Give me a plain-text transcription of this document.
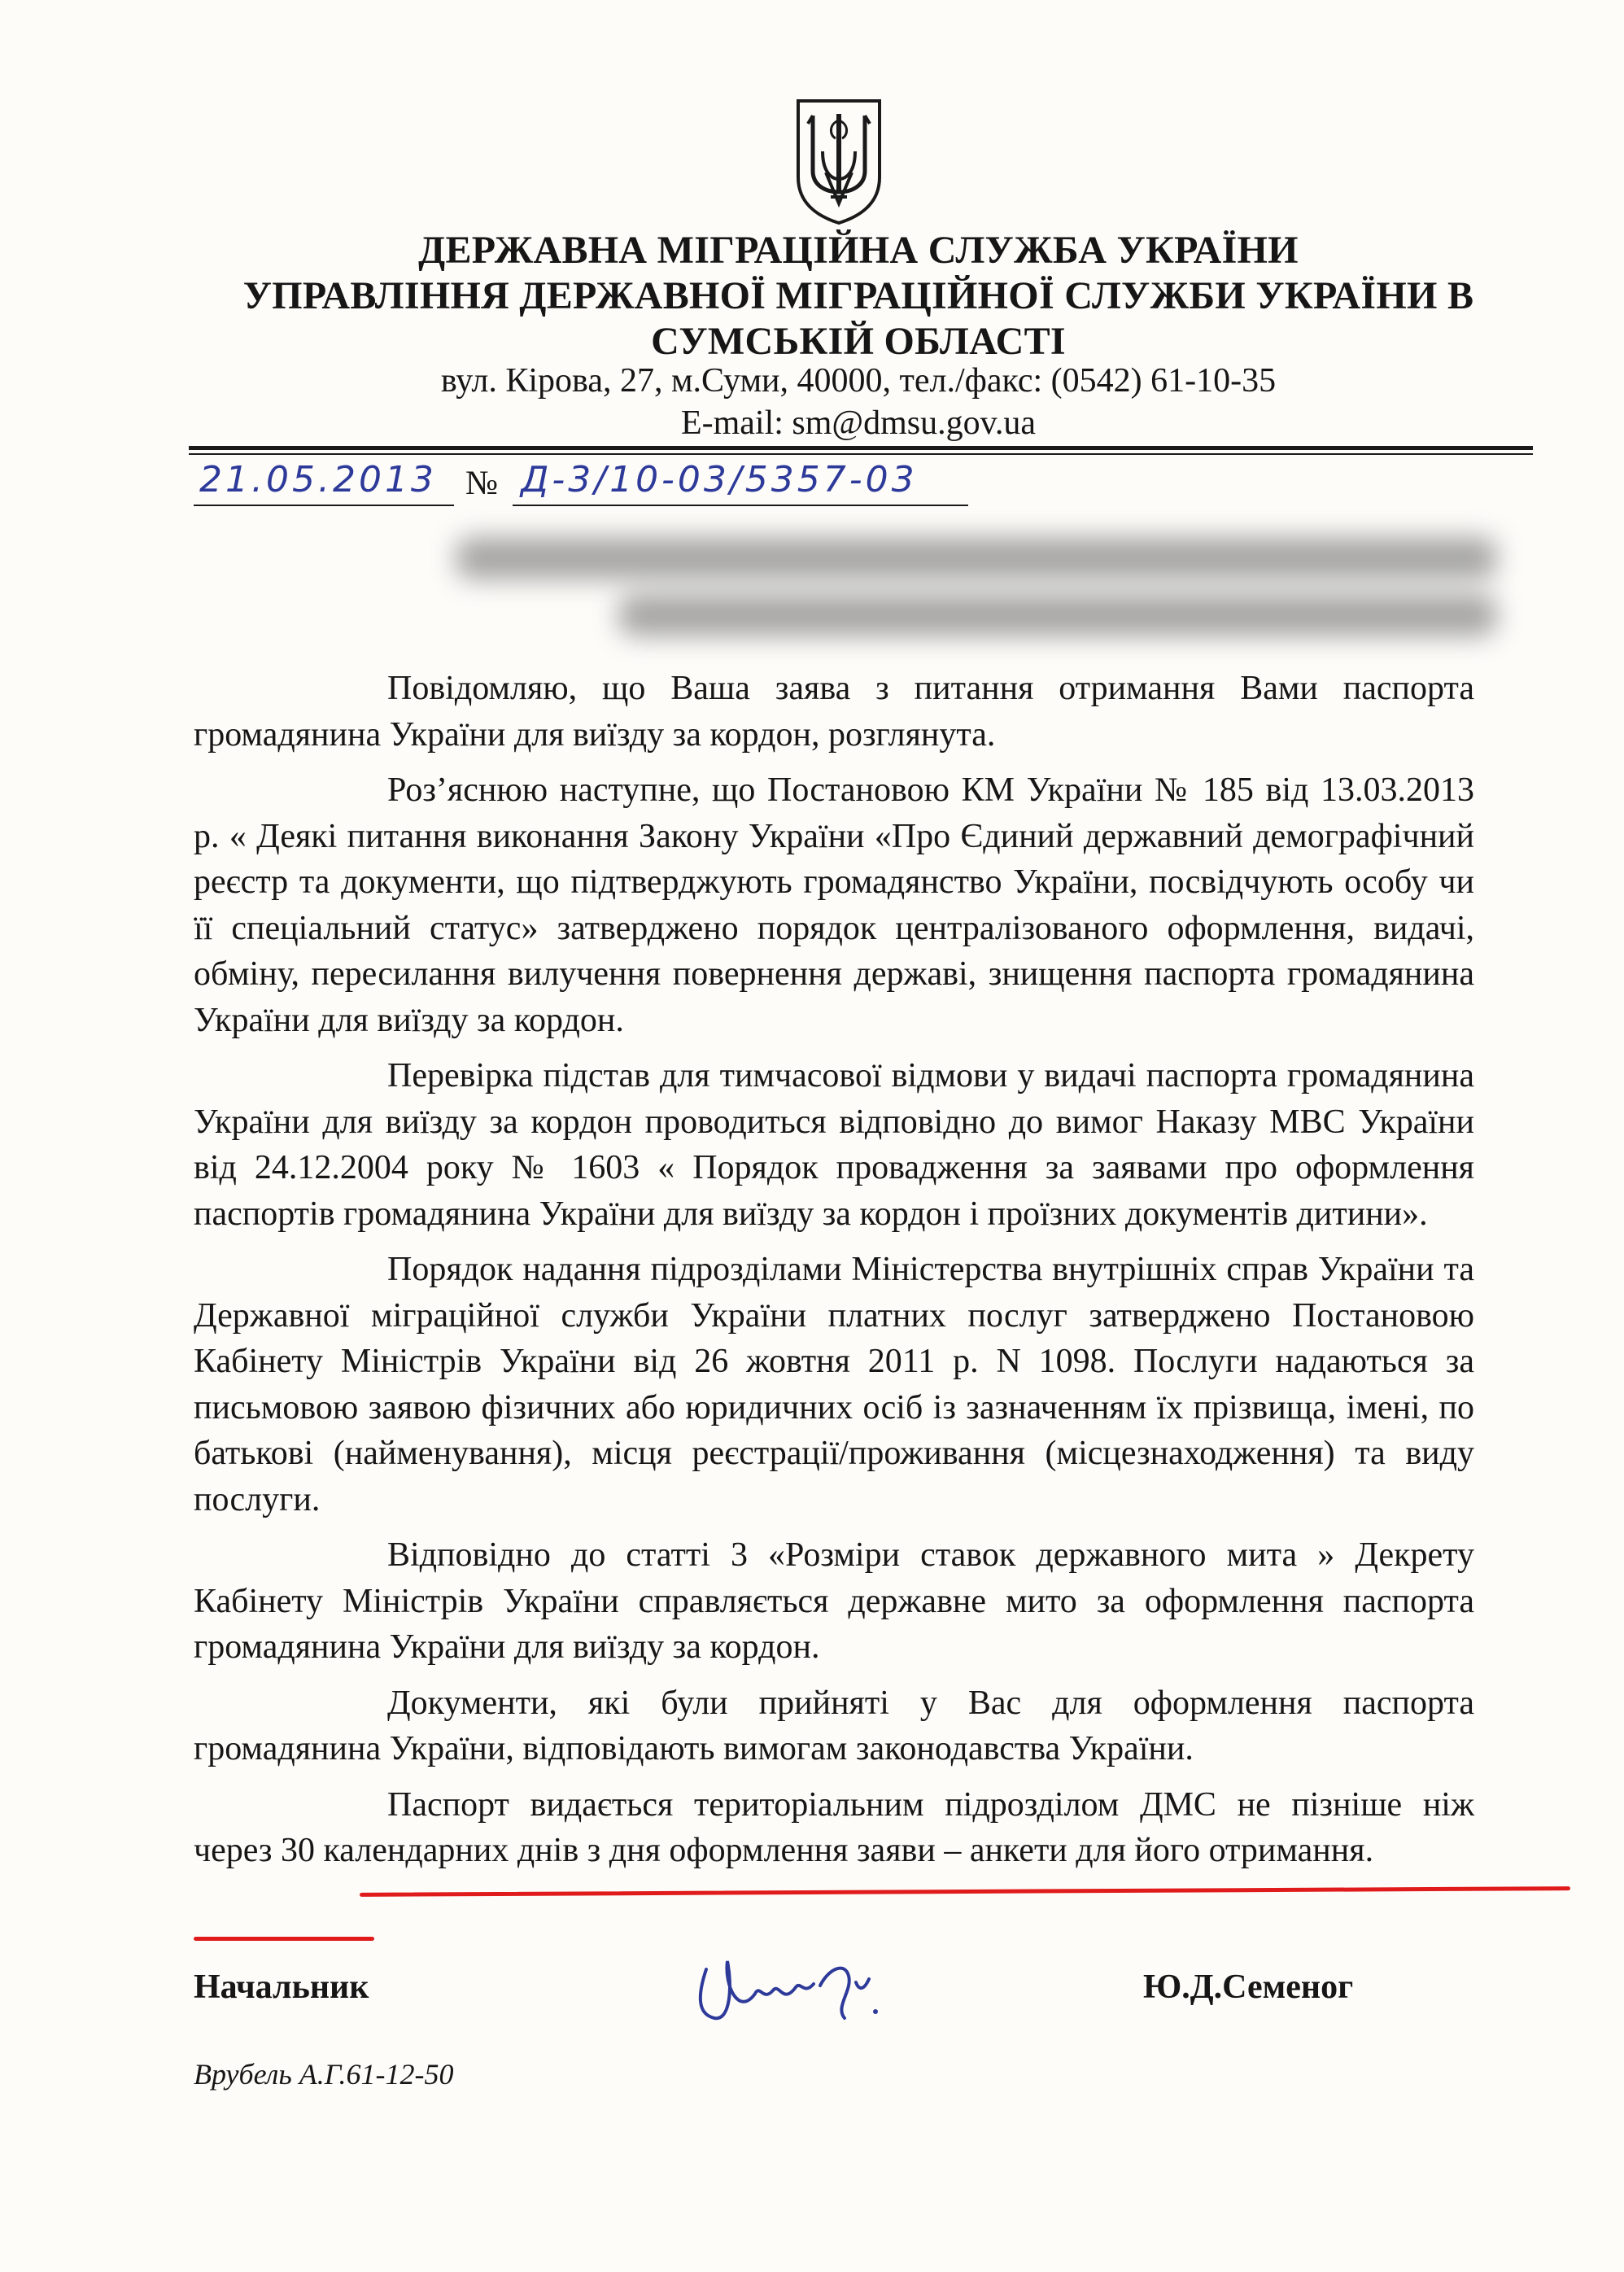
ДЕРЖАВНА МІГРАЦІЙНА СЛУЖБА УКРАЇНИ
УПРАВЛІННЯ ДЕРЖАВНОЇ МІГРАЦІЙНОЇ СЛУЖБИ УКРАЇНИ В
СУМСЬКІЙ ОБЛАСТІ
вул. Кірова, 27, м.Суми, 40000, тел./факс: (0542) 61-10-35
E-mail: sm@dmsu.gov.ua
21.05.2013 № Д-3/10-03/5357-03

Повідомляю, що Ваша заява з питання отримання Вами паспорта громадянина України для виїзду за кордон, розглянута.

Роз’яснюю наступне, що Постановою КМ України № 185 від 13.03.2013 р. « Деякі питання виконання Закону України «Про Єдиний державний демографічний реєстр та документи, що підтверджують громадянство України, посвідчують особу чи її спеціальний статус» затверджено порядок централізованого оформлення, видачі, обміну, пересилання вилучення повернення державі, знищення паспорта громадянина України для виїзду за кордон.

Перевірка підстав для тимчасової відмови у видачі паспорта громадянина України для виїзду за кордон проводиться відповідно до вимог Наказу МВС України від 24.12.2004 року № 1603 « Порядок провадження за заявами про оформлення паспортів громадянина України для виїзду за кордон і проїзних документів дитини».

Порядок надання підрозділами Міністерства внутрішніх справ України та Державної міграційної служби України платних послуг затверджено Постановою Кабінету Міністрів України від 26 жовтня 2011 р. N 1098. Послуги надаються за письмовою заявою фізичних або юридичних осіб із зазначенням їх прізвища, імені, по батькові (найменування), місця реєстрації/проживання (місцезнаходження) та виду послуги.

Відповідно до статті 3 «Розміри ставок державного мита » Декрету Кабінету Міністрів України справляється державне мито за оформлення паспорта громадянина України для виїзду за кордон.

Документи, які були прийняті у Вас для оформлення паспорта громадянина України, відповідають вимогам законодавства України.

Паспорт видається територіальним підрозділом ДМС не пізніше ніж через 30 календарних днів з дня оформлення заяви – анкети для його отримання.

Начальник	Ю.Д.Семеног
Врубель А.Г.61-12-50
